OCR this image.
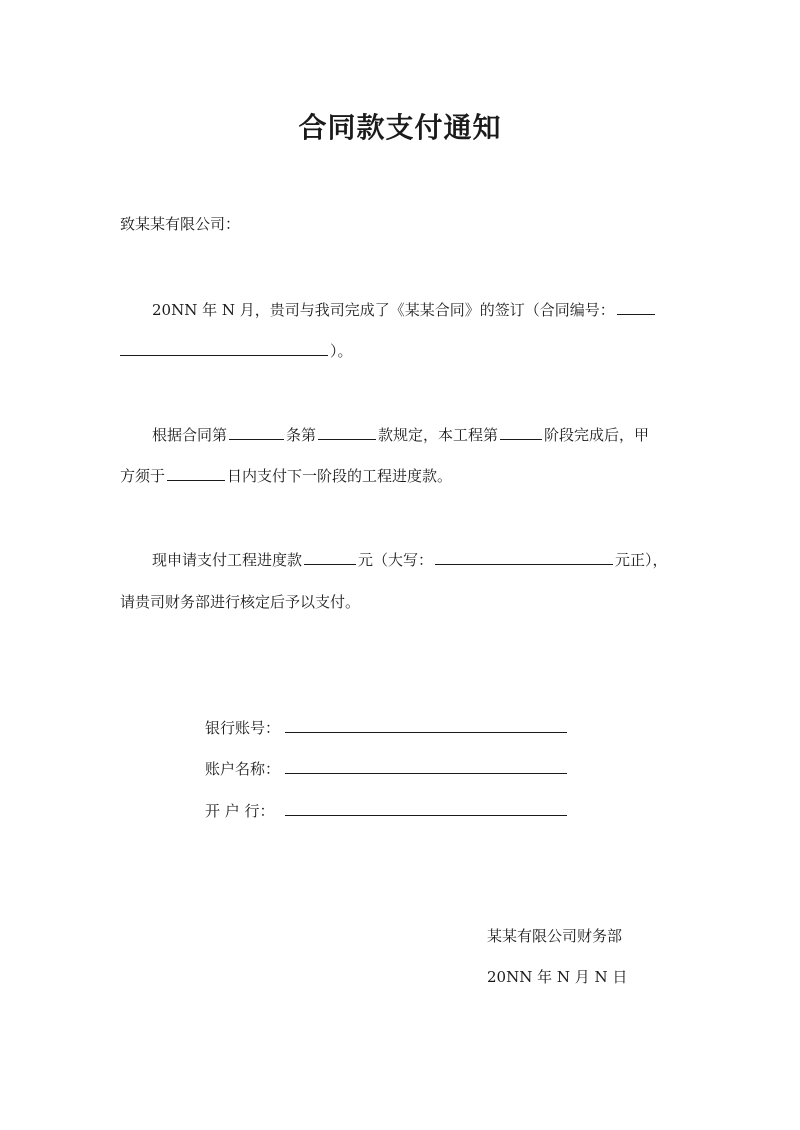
合同款支付通知
致某某有限公司：
20NN 年 N 月，贵司与我司完成了《某某合同》的签订（合同编号：
）。
根据合同第	条第	款规定，本工程第	阶段完成后，甲
方须于	日内支付下一阶段的工程进度款。
现申请支付工程进度款	元（大写：	元正），
请贵司财务部进行核定后予以支付。
银行账号：
账户名称：
开 户 行：
某某有限公司财务部
20NN 年 N 月 N 日
